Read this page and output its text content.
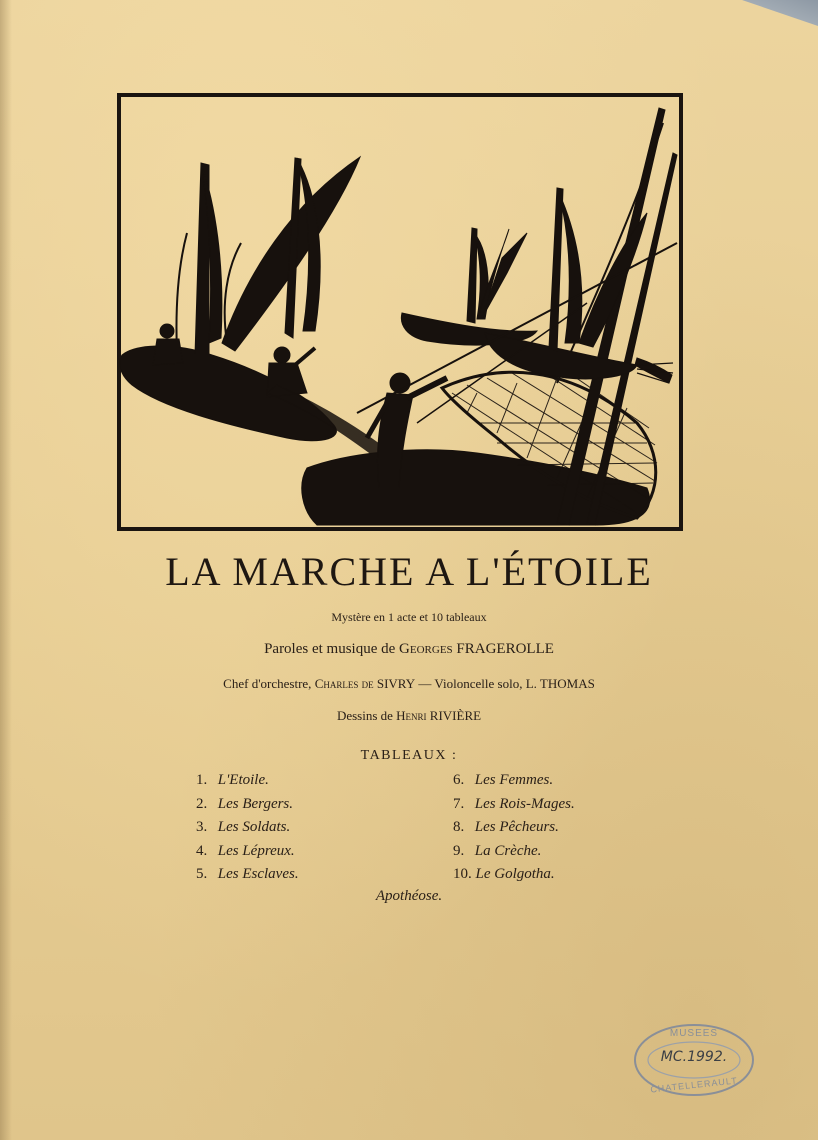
LA MARCHE A L'ÉTOILE
Mystère en 1 acte et 10 tableaux
Paroles et musique de Georges FRAGEROLLE
Chef d'orchestre, Charles de SIVRY — Violoncelle solo, L. THOMAS
Dessins de Henri RIVIÈRE
TABLEAUX :
1. L'Etoile.
2. Les Bergers.
3. Les Soldats.
4. Les Lépreux.
5. Les Esclaves.
6. Les Femmes.
7. Les Rois-Mages.
8. Les Pêcheurs.
9. La Crèche.
10. Le Golgotha.
Apothéose.
MUSEES
MC.1992.
CHATELLERAULT
